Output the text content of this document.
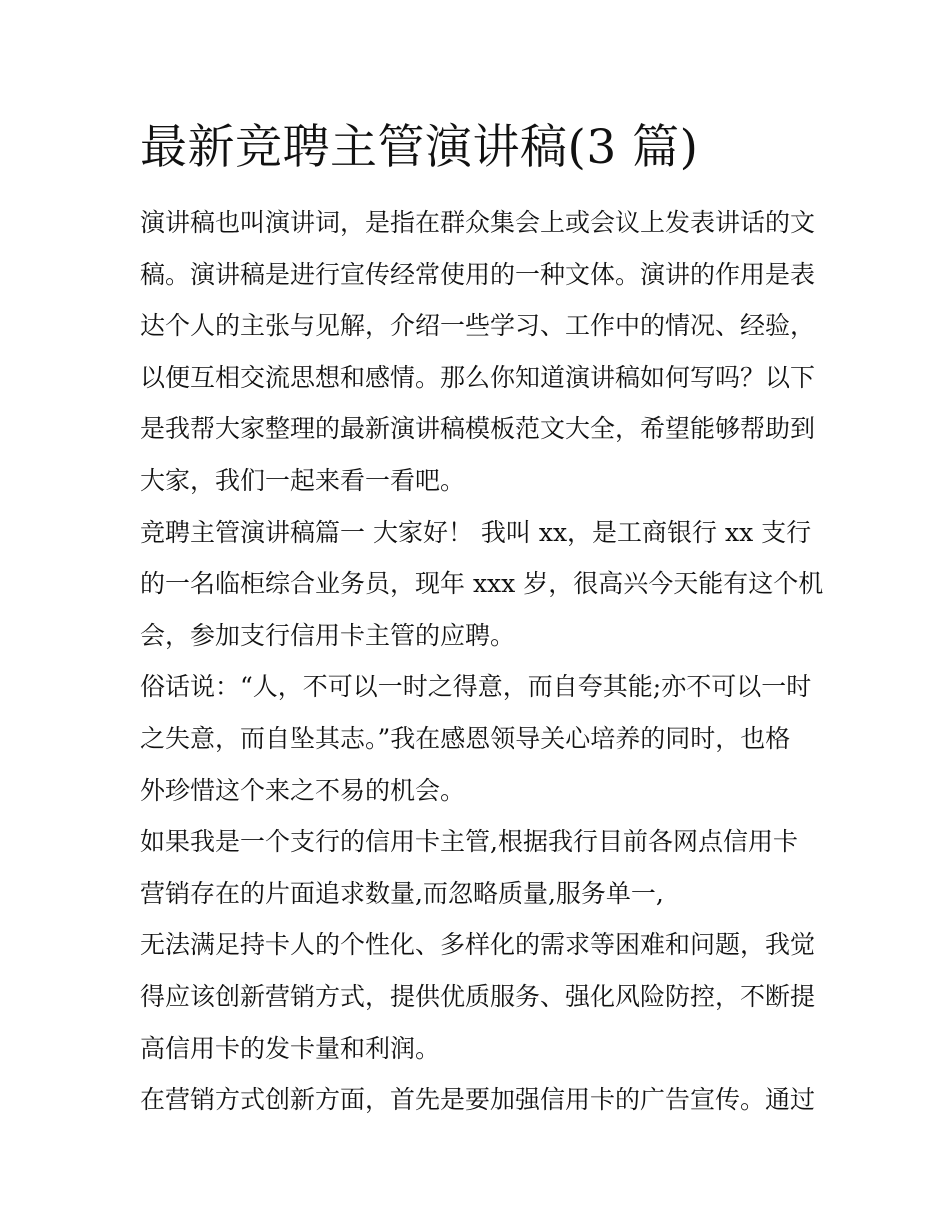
最新竞聘主管演讲稿(3 篇)
演讲稿也叫演讲词，是指在群众集会上或会议上发表讲话的文
稿。演讲稿是进行宣传经常使用的一种文体。演讲的作用是表
达个人的主张与见解，介绍一些学习、工作中的情况、经验，
以便互相交流思想和感情。那么你知道演讲稿如何写吗？以下
是我帮大家整理的最新演讲稿模板范文大全，希望能够帮助到
大家，我们一起来看一看吧。
竞聘主管演讲稿篇一 大家好！ 我叫 xx，是工商银行 xx 支行
的一名临柜综合业务员，现年 xxx 岁，很高兴今天能有这个机
会，参加支行信用卡主管的应聘。
俗话说：“人，不可以一时之得意，而自夸其能;亦不可以一时
之失意，而自坠其志。”我在感恩领导关心培养的同时，也格
外珍惜这个来之不易的机会。
如果我是一个支行的信用卡主管,根据我行目前各网点信用卡
营销存在的片面追求数量,而忽略质量,服务单一,
无法满足持卡人的个性化、多样化的需求等困难和问题，我觉
得应该创新营销方式，提供优质服务、强化风险防控，不断提
高信用卡的发卡量和利润。
在营销方式创新方面，首先是要加强信用卡的广告宣传。通过
